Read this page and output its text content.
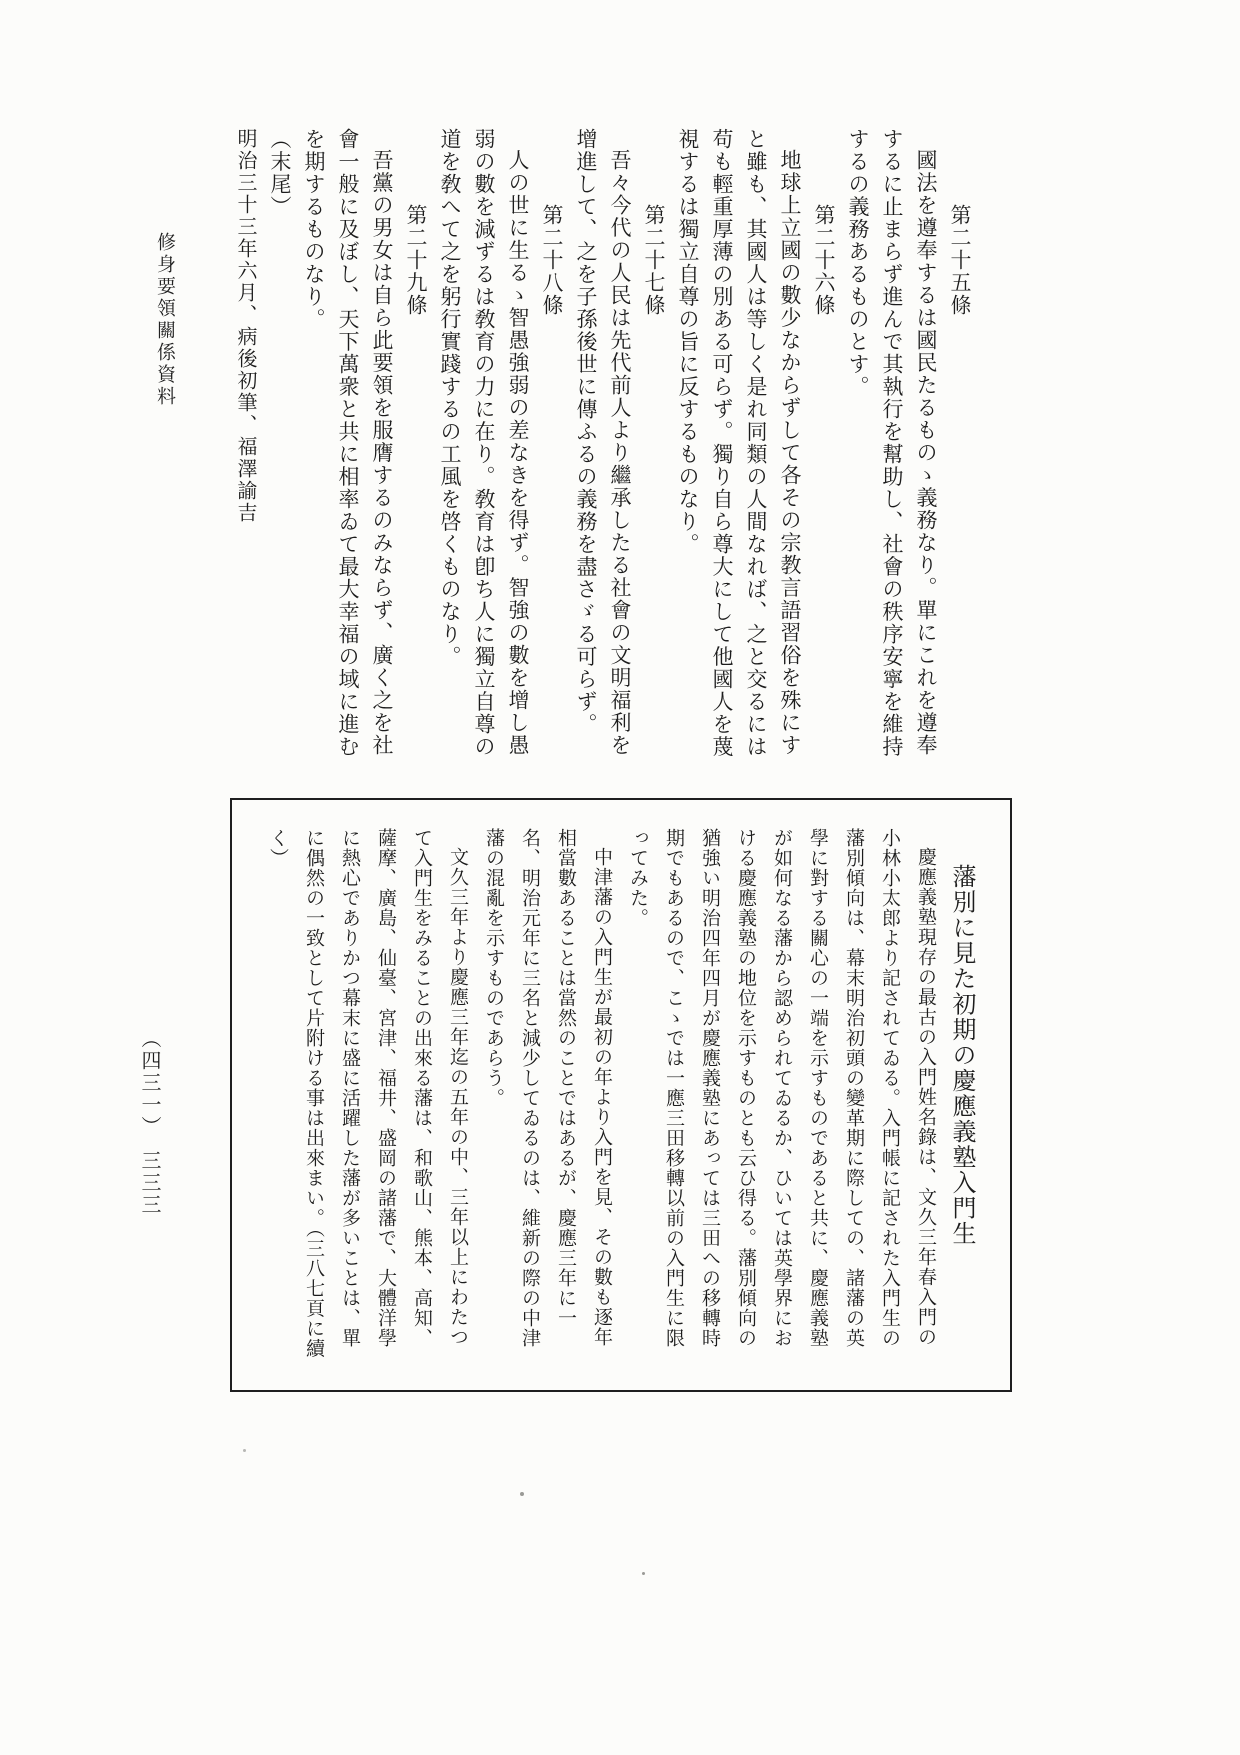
修身要領關係資料	第二十五條

國法を遵奉するは國民たるものゝ義務なり。單にこれを遵奉するに止まらず進んで其執行を幫助し、社會の秩序安寧を維持するの義務あるものとす。

第二十六條

地球上立國の數少なからずして各その宗教言語習俗を殊にすと雖も、其國人は等しく是れ同類の人間なれば、之と交るには苟も輕重厚薄の別ある可らず。獨り自ら尊大にして他國人を蔑視するは獨立自尊の旨に反するものなり。

第二十七條

吾々今代の人民は先代前人より繼承したる社會の文明福利を增進して、之を子孫後世に傳ふるの義務を盡さゞる可らず。

第二十八條

人の世に生るゝ智愚強弱の差なきを得ず。智強の數を增し愚弱の數を減ずるは敎育の力に在り。敎育は卽ち人に獨立自尊の道を敎へて之を躬行實踐するの工風を啓くものなり。

第二十九條

吾黨の男女は自ら此要領を服膺するのみならず、廣く之を社會一般に及ぼし、天下萬衆と共に相率ゐて最大幸福の域に進むを期するものなり。

（末尾）
明治三十三年六月、病後初筆、福澤諭吉
藩別に見た初期の慶應義塾入門生

慶應義塾現存の最古の入門姓名錄は、文久三年春入門の小林小太郎より記されてゐる。入門帳に記された入門生の藩別傾向は、幕末明治初頭の變革期に際しての、諸藩の英學に對する關心の一端を示すものであると共に、慶應義塾が如何なる藩から認められてゐるか、ひいては英學界における慶應義塾の地位を示すものとも云ひ得る。藩別傾向の猶強い明治四年四月が慶應義塾にあっては三田への移轉時期でもあるので、こゝでは一應三田移轉以前の入門生に限ってみた。

中津藩の入門生が最初の年より入門を見、その數も逐年相當數あることは當然のことではあるが、慶應三年に一名、明治元年に三名と減少してゐるのは、維新の際の中津藩の混亂を示すものであらう。

文久三年より慶應三年迄の五年の中、三年以上にわたつて入門生をみることの出來る藩は、和歌山、熊本、高知、薩摩、廣島、仙臺、宮津、福井、盛岡の諸藩で、大體洋學に熱心でありかつ幕末に盛に活躍した藩が多いことは、單に偶然の一致として片附ける事は出來まい。（三八七頁に續く）

（四三一）　三三三
